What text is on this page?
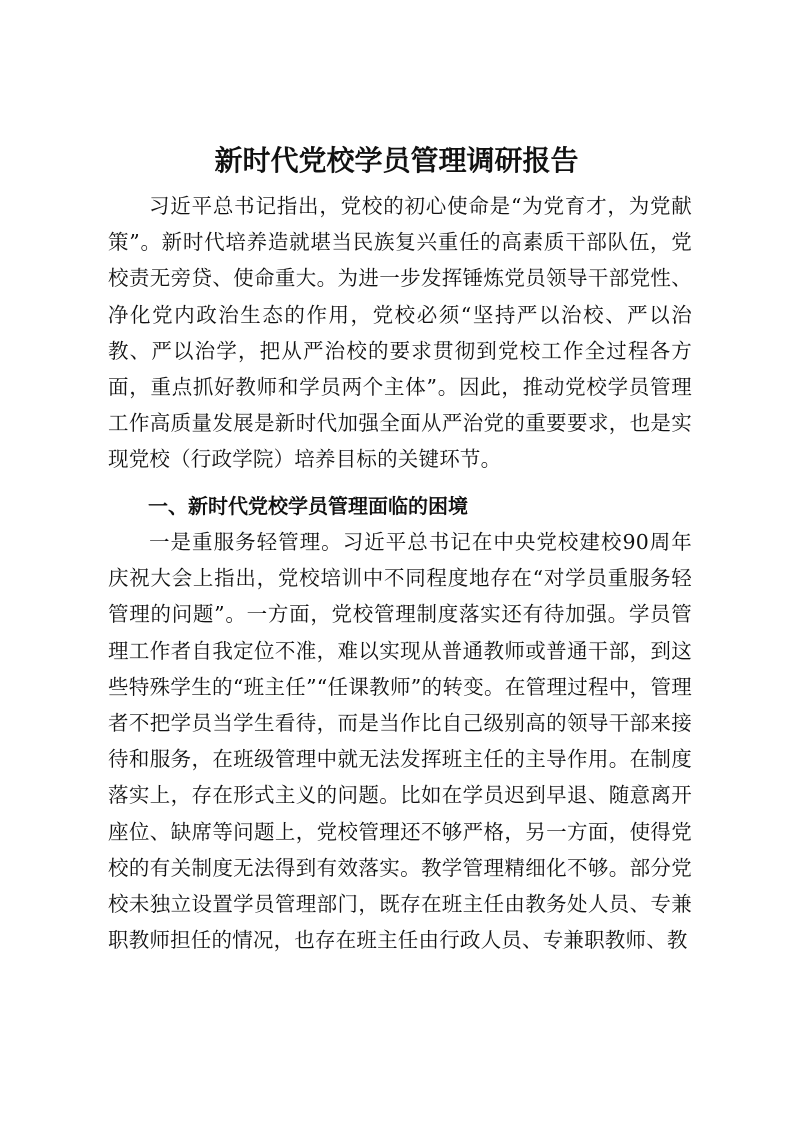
新时代党校学员管理调研报告

习近平总书记指出，党校的初心使命是“为党育才，为党献策”。新时代培养造就堪当民族复兴重任的高素质干部队伍，党校责无旁贷、使命重大。为进一步发挥锤炼党员领导干部党性、净化党内政治生态的作用，党校必须“坚持严以治校、严以治教、严以治学，把从严治校的要求贯彻到党校工作全过程各方面，重点抓好教师和学员两个主体”。因此，推动党校学员管理工作高质量发展是新时代加强全面从严治党的重要要求，也是实现党校（行政学院）培养目标的关键环节。

一、新时代党校学员管理面临的困境

一是重服务轻管理。习近平总书记在中央党校建校90周年庆祝大会上指出，党校培训中不同程度地存在“对学员重服务轻管理的问题”。一方面，党校管理制度落实还有待加强。学员管理工作者自我定位不准，难以实现从普通教师或普通干部，到这些特殊学生的“班主任”“任课教师”的转变。在管理过程中，管理者不把学员当学生看待，而是当作比自己级别高的领导干部来接待和服务，在班级管理中就无法发挥班主任的主导作用。在制度落实上，存在形式主义的问题。比如在学员迟到早退、随意离开座位、缺席等问题上，党校管理还不够严格，另一方面，使得党校的有关制度无法得到有效落实。教学管理精细化不够。部分党校未独立设置学员管理部门，既存在班主任由教务处人员、专兼职教师担任的情况，也存在班主任由行政人员、专兼职教师、教
